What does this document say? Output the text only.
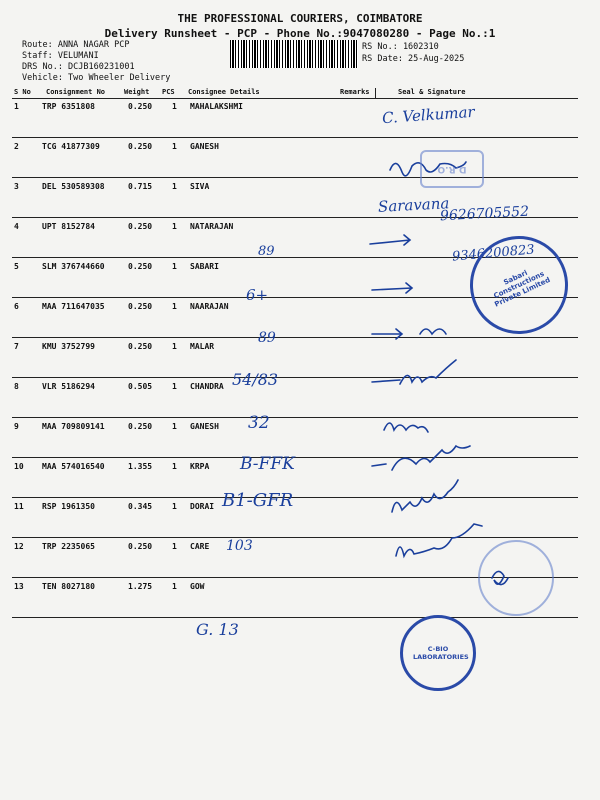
THE PROFESSIONAL COURIERS, COIMBATORE
Delivery Runsheet - PCP - Phone No.:9047080280 - Page No.:1
Route: ANNA NAGAR PCP
Staff: VELUMANI
DRS No.: DCJB160231001
Vehicle: Two Wheeler Delivery
RS No.: 1602310
RS Date: 25-Aug-2025
S No Consignment No	Weight PCS Consignee Details	Remarks	Seal & Signature
1	TRP 6351808	0.250 1 MAHALAKSHMI
2	TCG 41877309	0.250 1 GANESH
3	DEL 530589308	0.715 1 SIVA
4	UPT 8152784	0.250 1 NATARAJAN
5	SLM 376744660	0.250 1 SABARI
6	MAA 711647035	0.250 1 NAARAJAN
7	KMU 3752799	0.250 1 MALAR
8	VLR 5186294	0.505 1 CHANDRA
9	MAA 709809141	0.250 1 GANESH
10 MAA 574016540	1.355 1 KRPA
11 RSP 1961350	0.345 1 DORAI
12 TRP 2235065	0.250 1 CARE
13 TEN 8027180	1.275 1 GOW
C. Velkumar
Saravana
9626705552
89	9346200823
6+
89
54/83
32
B-FFK
B1-GFR
103
G. 13
Sabari Constructions Private Limited
C-BIO LABORATORIES
D.R.O
